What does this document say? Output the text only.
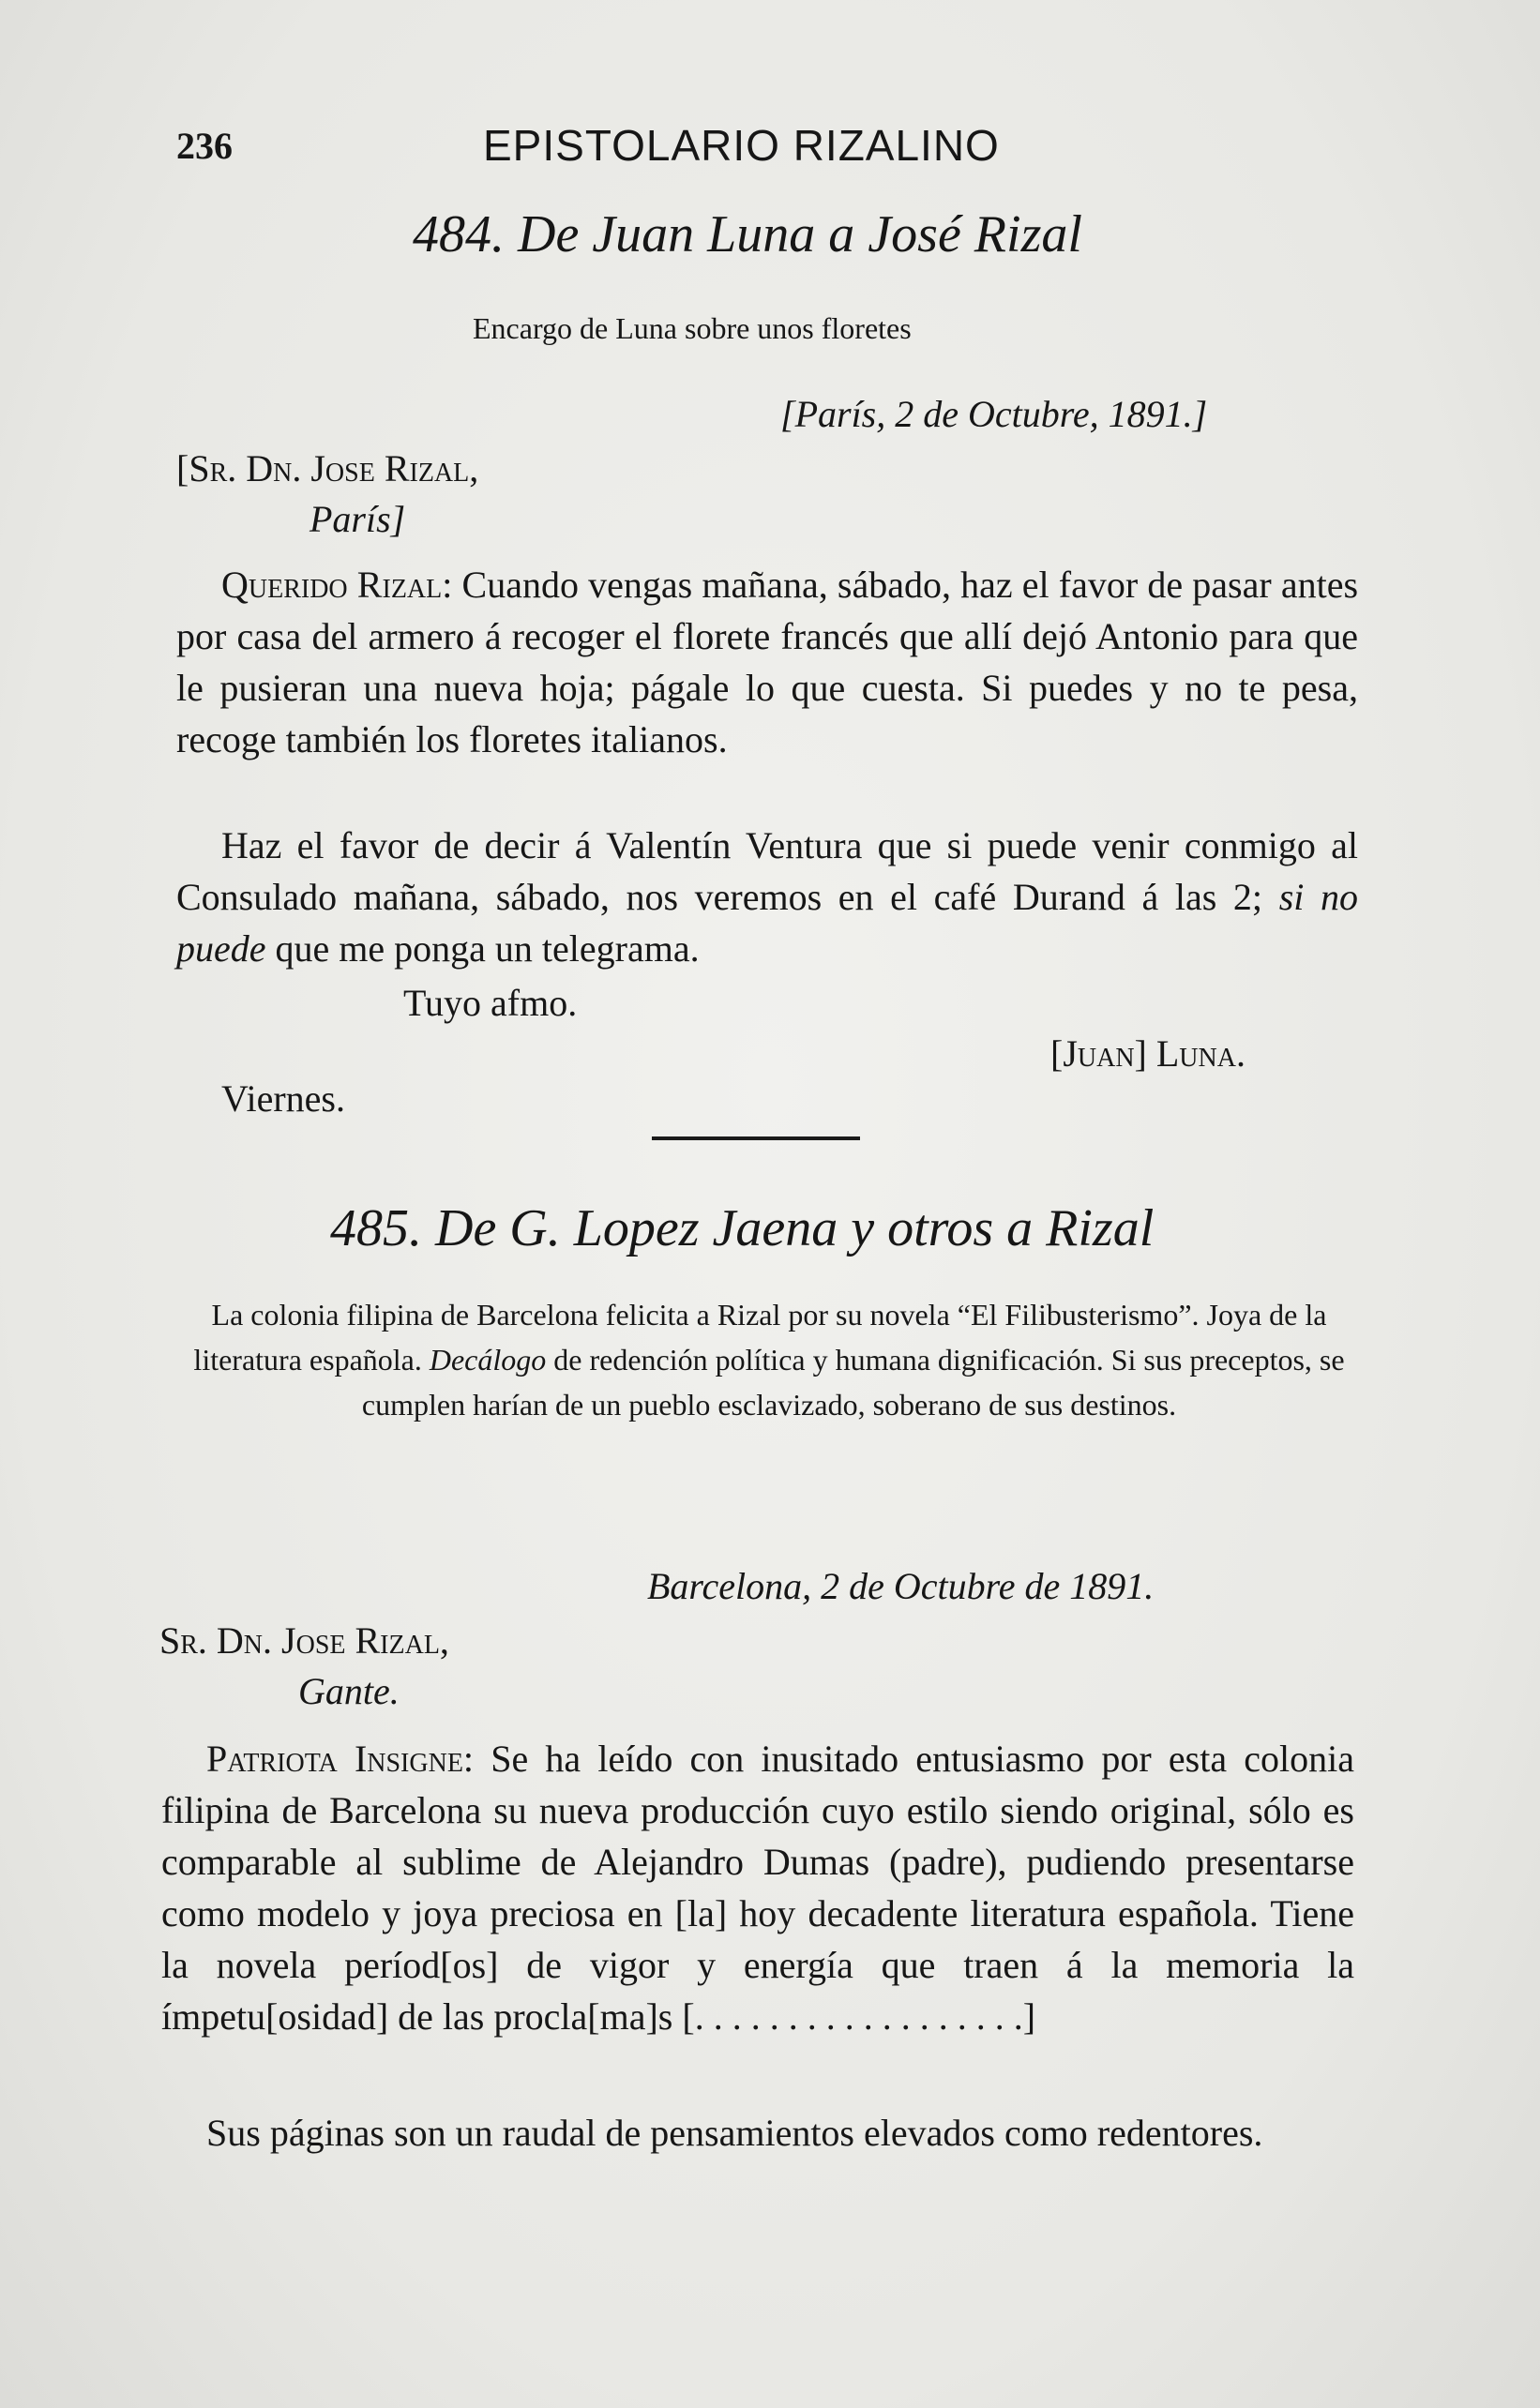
236	EPISTOLARIO RIZALINO
484. De Juan Luna a José Rizal
Encargo de Luna sobre unos floretes
[París, 2 de Octubre, 1891.]
[Sr. Dn. Jose Rizal,
París]
Querido Rizal: Cuando vengas mañana, sábado, haz el favor de pasar antes por casa del armero á recoger el florete francés que allí dejó Antonio para que le pusieran una nueva hoja; págale lo que cuesta. Si puedes y no te pesa, recoge también los floretes italianos.
Haz el favor de decir á Valentín Ventura que si puede venir conmigo al Consulado mañana, sábado, nos veremos en el café Durand á las 2; si no puede que me ponga un telegrama.
Tuyo afmo.
[Juan] Luna.
Viernes.
485. De G. Lopez Jaena y otros a Rizal
La colonia filipina de Barcelona felicita a Rizal por su novela “El Filibusterismo”. Joya de la literatura española. Decálogo de redención política y humana dignificación. Si sus preceptos, se cumplen harían de un pueblo esclavizado, soberano de sus destinos.
Barcelona, 2 de Octubre de 1891.
Sr. Dn. Jose Rizal,
Gante.
Patriota Insigne: Se ha leído con inusitado entusiasmo por esta colonia filipina de Barcelona su nueva producción cuyo estilo siendo original, sólo es comparable al sublime de Alejandro Dumas (padre), pudiendo presentarse como modelo y joya preciosa en [la] hoy decadente literatura española. Tiene la novela períod[os] de vigor y energía que traen á la memoria la ímpetu[osidad] de las procla[ma]s [. . . . . . . . . . . . . . . . . .]
Sus páginas son un raudal de pensamientos elevados como redentores.
